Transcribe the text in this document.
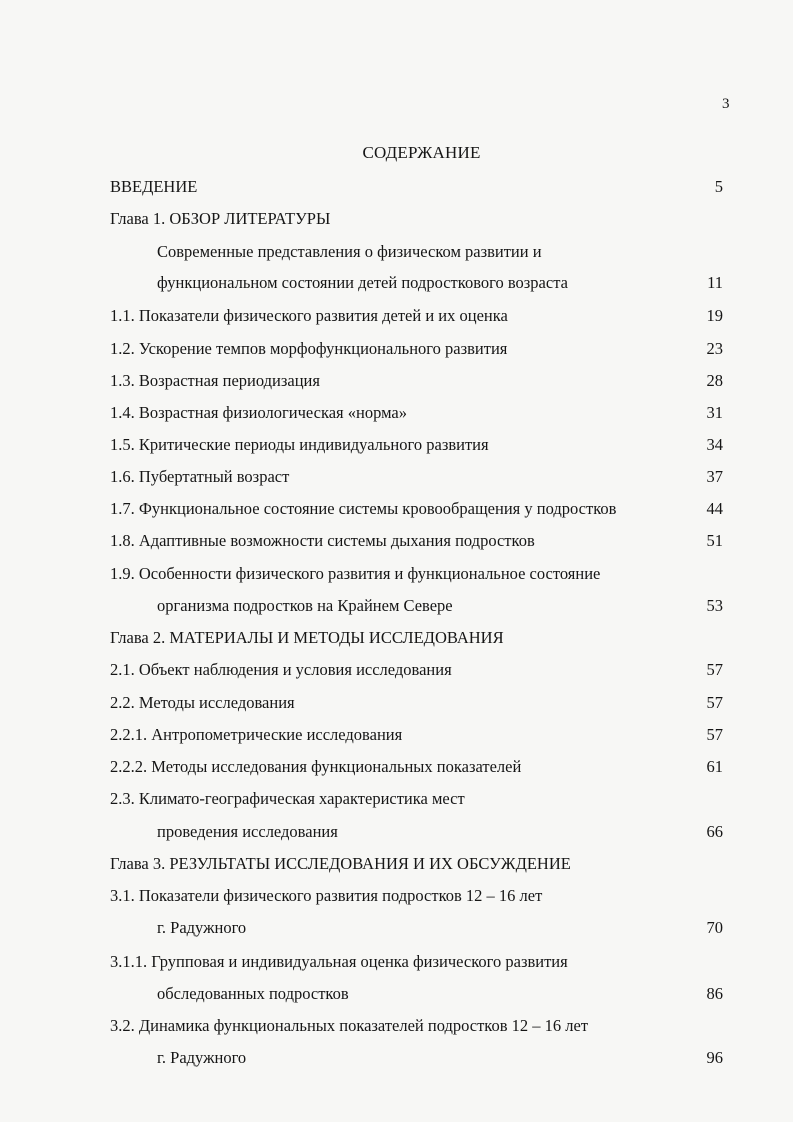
3
СОДЕРЖАНИЕ
ВВЕДЕНИЕ	5
Глава 1. ОБЗОР ЛИТЕРАТУРЫ
Современные представления о физическом развитии и
функциональном состоянии детей подросткового возраста	11
1.1. Показатели физического развития детей и их оценка	19
1.2. Ускорение темпов морфофункционального развития	23
1.3. Возрастная периодизация	28
1.4. Возрастная физиологическая «норма»	31
1.5. Критические периоды индивидуального развития	34
1.6. Пубертатный возраст	37
1.7. Функциональное состояние системы кровообращения у подростков	44
1.8. Адаптивные возможности системы дыхания подростков	51
1.9. Особенности физического развития и функциональное состояние
организма подростков на Крайнем Севере	53
Глава 2. МАТЕРИАЛЫ И МЕТОДЫ ИССЛЕДОВАНИЯ
2.1. Объект наблюдения и условия исследования	57
2.2. Методы исследования	57
2.2.1. Антропометрические исследования	57
2.2.2. Методы исследования функциональных показателей	61
2.3. Климато-географическая характеристика мест
проведения исследования	66
Глава 3. РЕЗУЛЬТАТЫ ИССЛЕДОВАНИЯ И ИХ ОБСУЖДЕНИЕ
3.1. Показатели физического развития подростков 12 – 16 лет
г. Радужного	70
3.1.1. Групповая и индивидуальная оценка физического развития
обследованных подростков	86
3.2. Динамика функциональных показателей подростков 12 – 16 лет
г. Радужного	96
